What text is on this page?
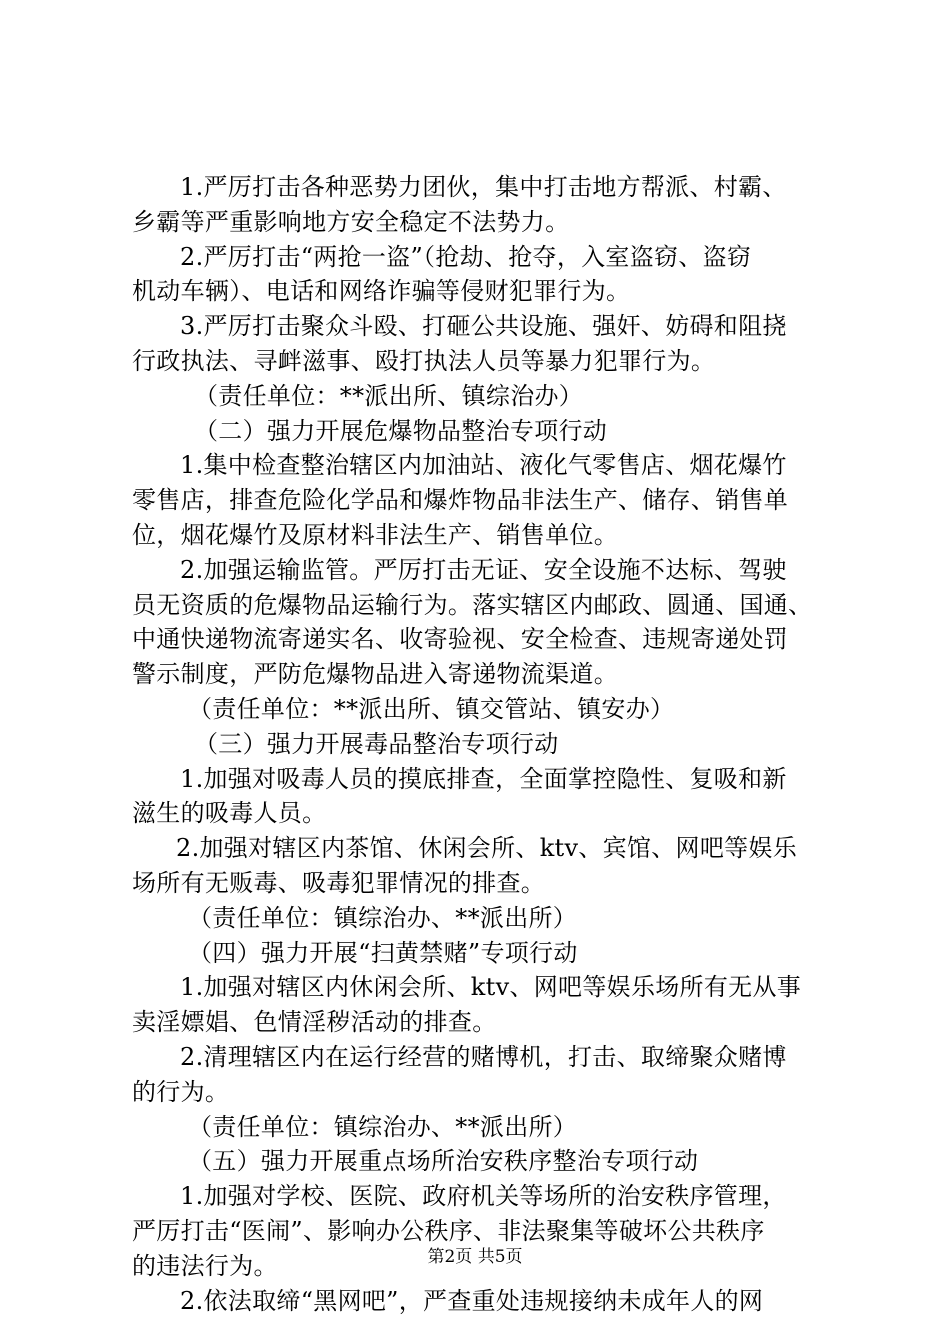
1.严厉打击各种恶势力团伙，集中打击地方帮派、村霸、
乡霸等严重影响地方安全稳定不法势力。
2.严厉打击“两抢一盗”（抢劫、抢夺，入室盗窃、盗窃
机动车辆）、电话和网络诈骗等侵财犯罪行为。
3.严厉打击聚众斗殴、打砸公共设施、强奸、妨碍和阻挠
行政执法、寻衅滋事、殴打执法人员等暴力犯罪行为。
（责任单位：**派出所、镇综治办）
（二）强力开展危爆物品整治专项行动
1.集中检查整治辖区内加油站、液化气零售店、烟花爆竹
零售店，排查危险化学品和爆炸物品非法生产、储存、销售单
位，烟花爆竹及原材料非法生产、销售单位。
2.加强运输监管。严厉打击无证、安全设施不达标、驾驶
员无资质的危爆物品运输行为。落实辖区内邮政、圆通、国通、
中通快递物流寄递实名、收寄验视、安全检查、违规寄递处罚
警示制度，严防危爆物品进入寄递物流渠道。
（责任单位：**派出所、镇交管站、镇安办）
（三）强力开展毒品整治专项行动
1.加强对吸毒人员的摸底排查，全面掌控隐性、复吸和新
滋生的吸毒人员。
2.加强对辖区内茶馆、休闲会所、ktv、宾馆、网吧等娱乐
场所有无贩毒、吸毒犯罪情况的排查。
（责任单位：镇综治办、**派出所）
（四）强力开展“扫黄禁赌”专项行动
1.加强对辖区内休闲会所、ktv、网吧等娱乐场所有无从事
卖淫嫖娼、色情淫秽活动的排查。
2.清理辖区内在运行经营的赌博机，打击、取缔聚众赌博
的行为。
（责任单位：镇综治办、**派出所）
（五）强力开展重点场所治安秩序整治专项行动
1.加强对学校、医院、政府机关等场所的治安秩序管理，
严厉打击“医闹”、影响办公秩序、非法聚集等破坏公共秩序
的违法行为。
2.依法取缔“黑网吧”，严查重处违规接纳未成年人的网
第2页 共5页
